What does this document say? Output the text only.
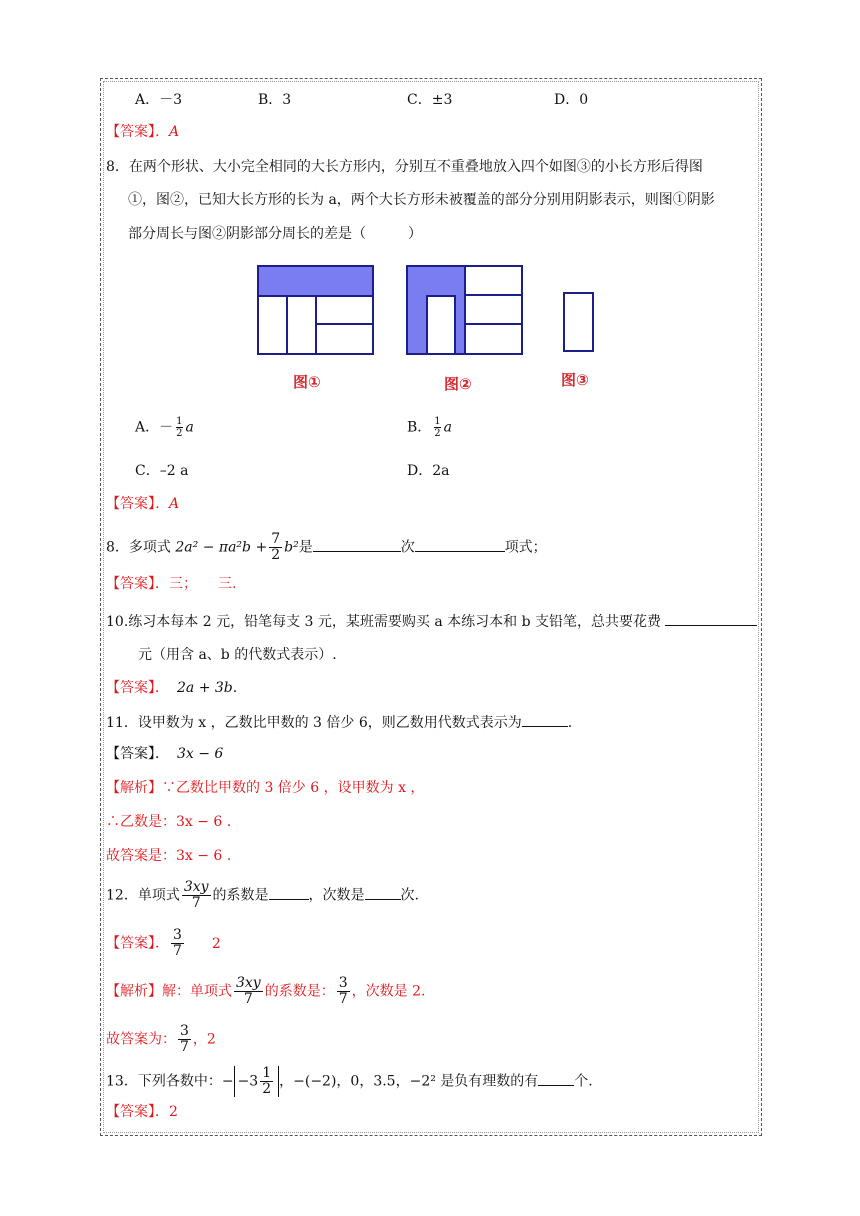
A．－3	B．3	C．±3	D．0
【答案】．A
8．在两个形状、大小完全相同的大长方形内，分别互不重叠地放入四个如图③的小长方形后得图
①，图②，已知大长方形的长为 a，两个大长方形未被覆盖的部分分别用阴影表示，则图①阴影
部分周长与图②阴影部分周长的差是（　　　）
图①	图②	图③
A．－ $\frac{1}{2}$ a	B． $\frac{1}{2}$ a
C．–2 a	D．2a
【答案】．A
8．多项式 $2a^2 - \pi a^2b + \frac{7}{2} b^2$是	次	项式；
【答案】．三；　　三.
10.练习本每本 2 元，铅笔每支 3 元，某班需要购买 a 本练习本和 b 支铅笔，总共要花费
元（用含 a、b 的代数式表示）.
【答案】． 2a + 3b.
11．设甲数为 x ，乙数比甲数的 3 倍少 6，则乙数用代数式表示为	.
【答案】． 3x − 6
【解析】∵乙数比甲数的 3 倍少 6 ，设甲数为 x ，
∴乙数是：3x − 6 .
故答案是：3x − 6 .
12．单项式 $\frac{3xy}{7}$ 的系数是	，次数是	次.
【答案】． $\frac{3}{7} 2$
【解析】解：单项式 $\frac{3xy}{7}$ 的系数是： $\frac{3}{7}$ ，次数是 2.
故答案为： $\frac{3}{7}$ ，2
13．下列各数中：− $-3 \frac{1}{2}$ ，−(−2)，0，3.5，−2² 是负有理数的有	个.
【答案】．2
